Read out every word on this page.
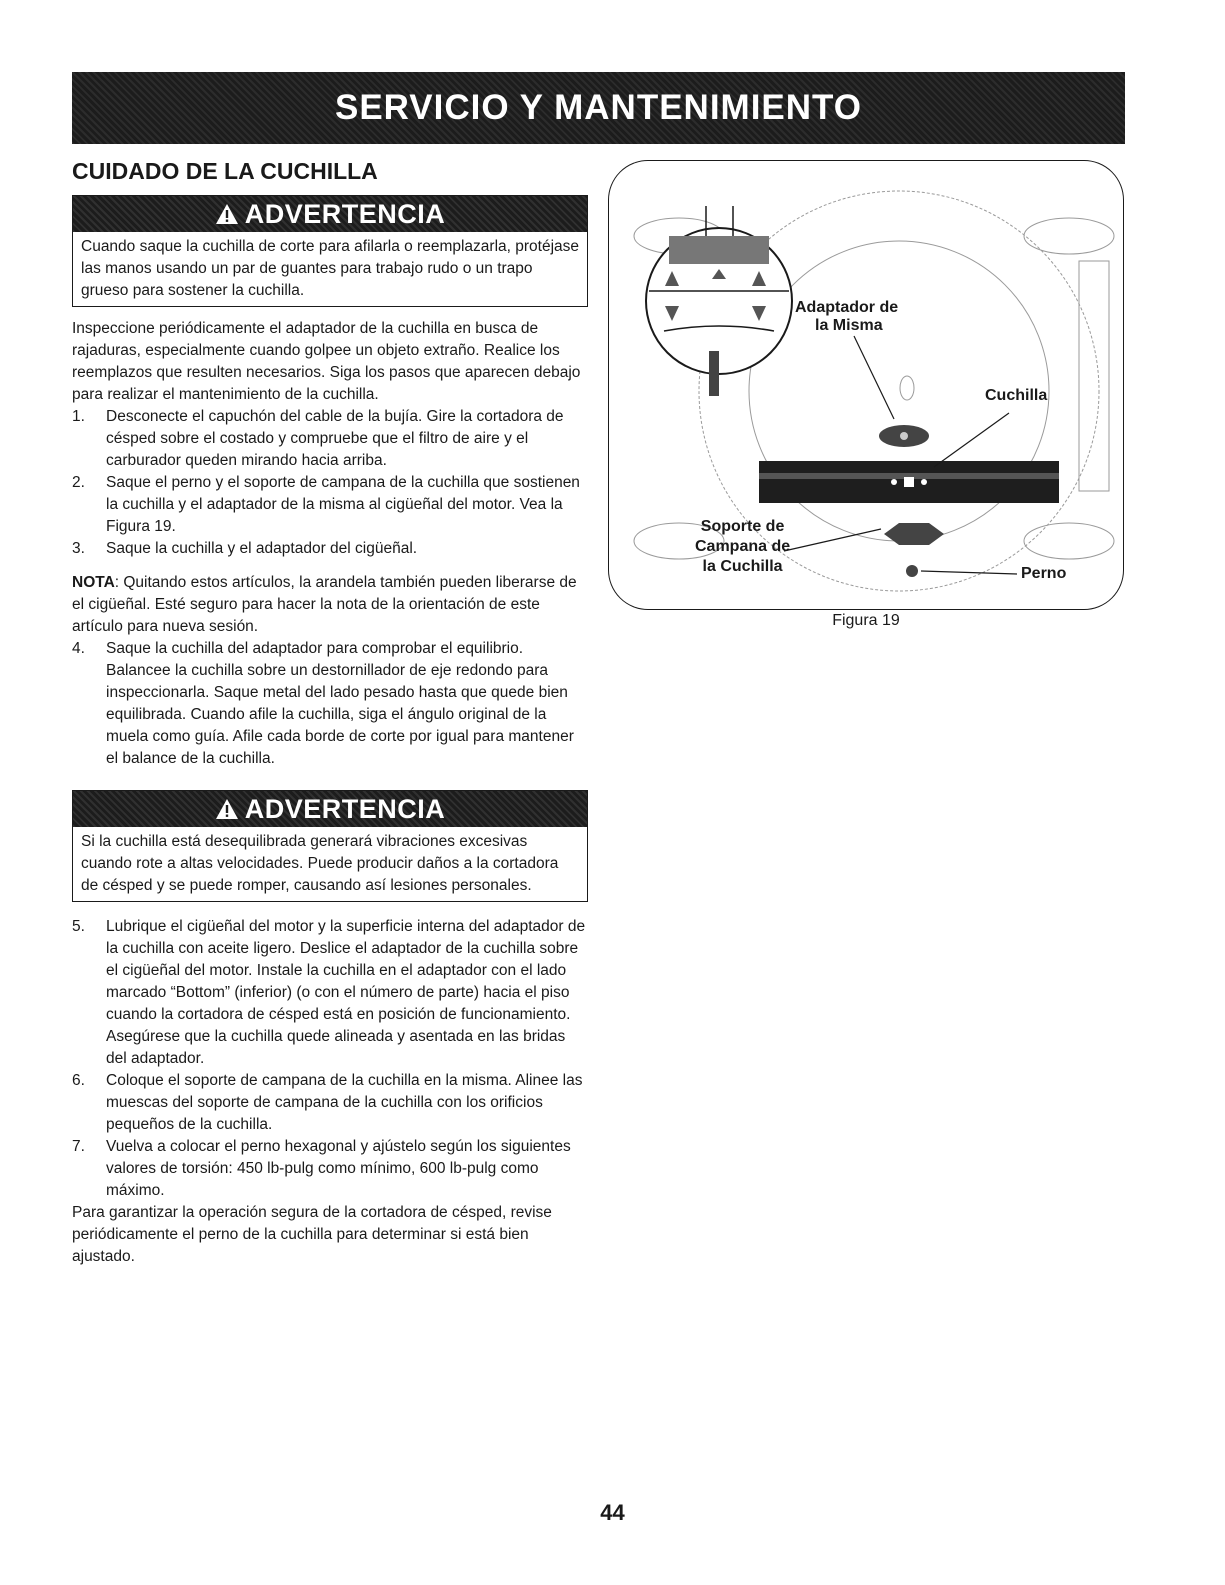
SERVICIO Y MANTENIMIENTO
CUIDADO DE LA CUCHILLA
ADVERTENCIA
Cuando saque la cuchilla de corte para afilarla o reemplazarla, protéjase las manos usando un par de guantes para trabajo rudo o un trapo grueso para sostener la cuchilla.

Inspeccione periódicamente el adaptador de la cuchilla en busca de rajaduras, especialmente cuando golpee un objeto extraño. Realice los reemplazos que resulten necesarios. Siga los pasos que aparecen debajo para realizar el mantenimiento de la cuchilla.

1.	Desconecte el capuchón del cable de la bujía. Gire la cortadora de césped sobre el costado y compruebe que el filtro de aire y el carburador queden mirando hacia arriba.
2.	Saque el perno y el soporte de campana de la cuchilla que sostienen la cuchilla y el adaptador de la misma al cigüeñal del motor. Vea la Figura 19.
3.	Saque la cuchilla y el adaptador del cigüeñal.

NOTA: Quitando estos artículos, la arandela también pueden liberarse de el cigüeñal. Esté seguro para hacer la nota de la orientación de este artículo para nueva sesión.

4.	Saque la cuchilla del adaptador para comprobar el equilibrio. Balancee la cuchilla sobre un destornillador de eje redondo para inspeccionarla. Saque metal del lado pesado hasta que quede bien equilibrada. Cuando afile la cuchilla, siga el ángulo original de la muela como guía. Afile cada borde de corte por igual para mantener el balance de la cuchilla.
ADVERTENCIA
Si la cuchilla está desequilibrada generará vibraciones excesivas cuando rote a altas velocidades. Puede producir daños a la cortadora de césped y se puede romper, causando así lesiones personales.
5.	Lubrique el cigüeñal del motor y la superficie interna del adaptador de la cuchilla con aceite ligero. Deslice el adaptador de la cuchilla sobre el cigüeñal del motor. Instale la cuchilla en el adaptador con el lado marcado “Bottom” (inferior) (o con el número de parte) hacia el piso cuando la cortadora de césped está en posición de funcionamiento. Asegúrese que la cuchilla quede alineada y asentada en las bridas del adaptador.
6.	Coloque el soporte de campana de la cuchilla en la misma. Alinee las muescas del soporte de campana de la cuchilla con los orificios pequeños de la cuchilla.
7.	Vuelva a colocar el perno hexagonal y ajústelo según los siguientes valores de torsión: 450 lb-pulg como mínimo, 600 lb-pulg como máximo.

Para garantizar la operación segura de la cortadora de césped, revise periódicamente el perno de la cuchilla para determinar si está bien ajustado.

Adaptador de
la Misma
Cuchilla
Soporte de
Campana de
la Cuchilla	Perno
Figura 19
44
